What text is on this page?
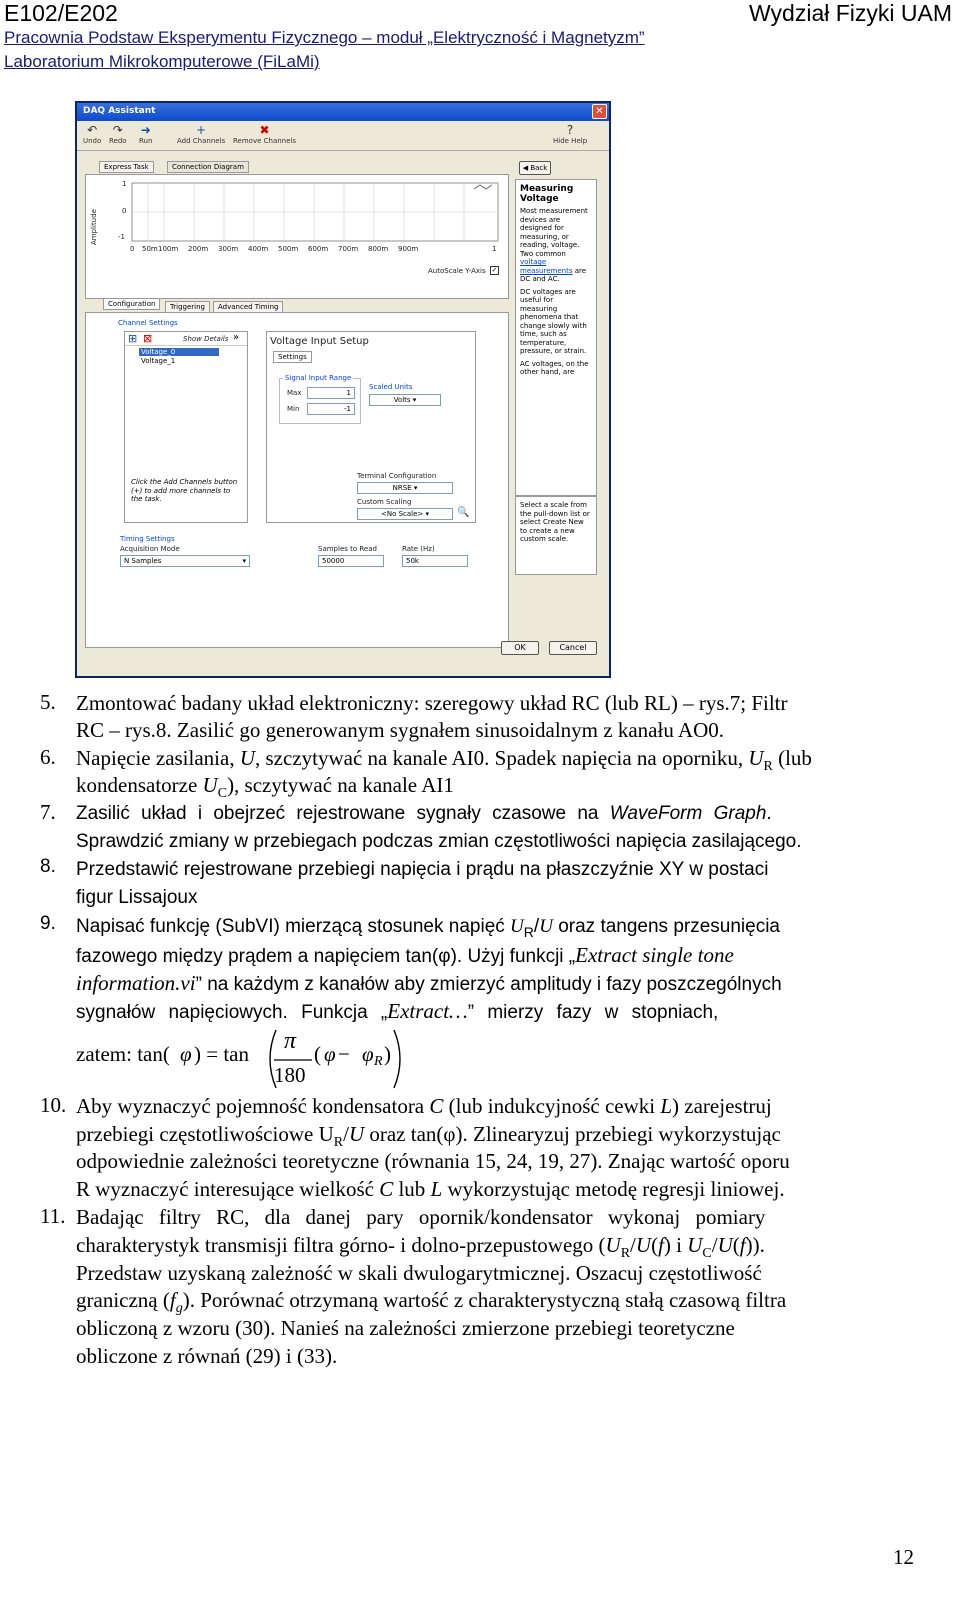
E102/E202	Wydział Fizyki UAM
Pracownia Podstaw Eksperymentu Fizycznego – moduł „Elektryczność i Magnetyzm”
Laboratorium Mikrokomputerowe (FiLaMi)
DAQ Assistant	✕
↶
Undo
↷
Redo
➜
Run
+
Add Channels
✖
Remove Channels
?
Hide Help
Express Task	Connection Diagram
Amplitude
1
0
-1
0 50m 100m 200m 300m 400m 500m 600m 700m 800m 900m	1
AutoScale Y-Axis ✓
Configuration	Triggering	Advanced Timing
Channel Settings
⊞ ⊠	Show Details »
Voltage_0
Voltage_1
Click the Add Channels button (+) to add more channels to the task.
Voltage Input Setup
Settings
Signal Input Range
Max	1
Min	-1
Scaled Units
Volts ▾
Terminal Configuration
NRSE ▾
Custom Scaling
<No Scale> ▾	🔍
Timing Settings
Acquisition Mode
N Samples	▾
Samples to Read
50000
Rate (Hz)
50k
◀ Back
Measuring Voltage

Most measurement devices are designed for measuring, or reading, voltage. Two common voltage measurements are DC and AC.

DC voltages are useful for measuring phenomena that change slowly with time, such as temperature, pressure, or strain.

AC voltages, on the other hand, are

Select a scale from the pull-down list or select Create New to create a new custom scale.

OK	Cancel
5. Zmontować badany układ elektroniczny: szeregowy układ RC (lub RL) – rys.7; Filtr
RC – rys.8. Zasilić go generowanym sygnałem sinusoidalnym z kanału AO0.
6. Napięcie zasilania, U, szczytywać na kanale AI0. Spadek napięcia na oporniku, $U_R$ (lub
kondensatorze $U_C$), sczytywać na kanale AI1
7. Zasilić układ i obejrzeć rejestrowane sygnały czasowe na WaveForm Graph.
Sprawdzić zmiany w przebiegach podczas zmian częstotliwości napięcia zasilającego.
8. Przedstawić rejestrowane przebiegi napięcia i prądu na płaszczyźnie XY w postaci
figur Lissajoux
9. Napisać funkcję (SubVI) mierzącą stosunek napięć $U_R/U$ oraz tangens przesunięcia
fazowego między prądem a napięciem tan(φ). Użyj funkcji „Extract single tone
information.vi” na każdym z kanałów aby zmierzyć amplitudy i fazy poszczególnych
sygnałów napięciowych. Funkcja „Extract…” mierzy fazy w stopniach,
zatem: tan( φ ) = tan π
180
( φ − φ R )
10. Aby wyznaczyć pojemność kondensatora C (lub indukcyjność cewki L) zarejestruj
przebiegi częstotliwościowe $U_R/U$ oraz tan(φ). Zlinearyzuj przebiegi wykorzystując
odpowiednie zależności teoretyczne (równania 15, 24, 19, 27). Znając wartość oporu
R wyznaczyć interesujące wielkość C lub L wykorzystując metodę regresji liniowej.
11. Badając filtry RC, dla danej pary opornik/kondensator wykonaj pomiary
charakterystyk transmisji filtra górno- i dolno-przepustowego ($U_R/U(f)$ i $U_C/U(f)$).
Przedstaw uzyskaną zależność w skali dwulogarytmicznej. Oszacuj częstotliwość
graniczną $(f_g)$. Porównać otrzymaną wartość z charakterystyczną stałą czasową filtra
obliczoną z wzoru (30). Nanieś na zależności zmierzone przebiegi teoretyczne
obliczone z równań (29) i (33).
12
